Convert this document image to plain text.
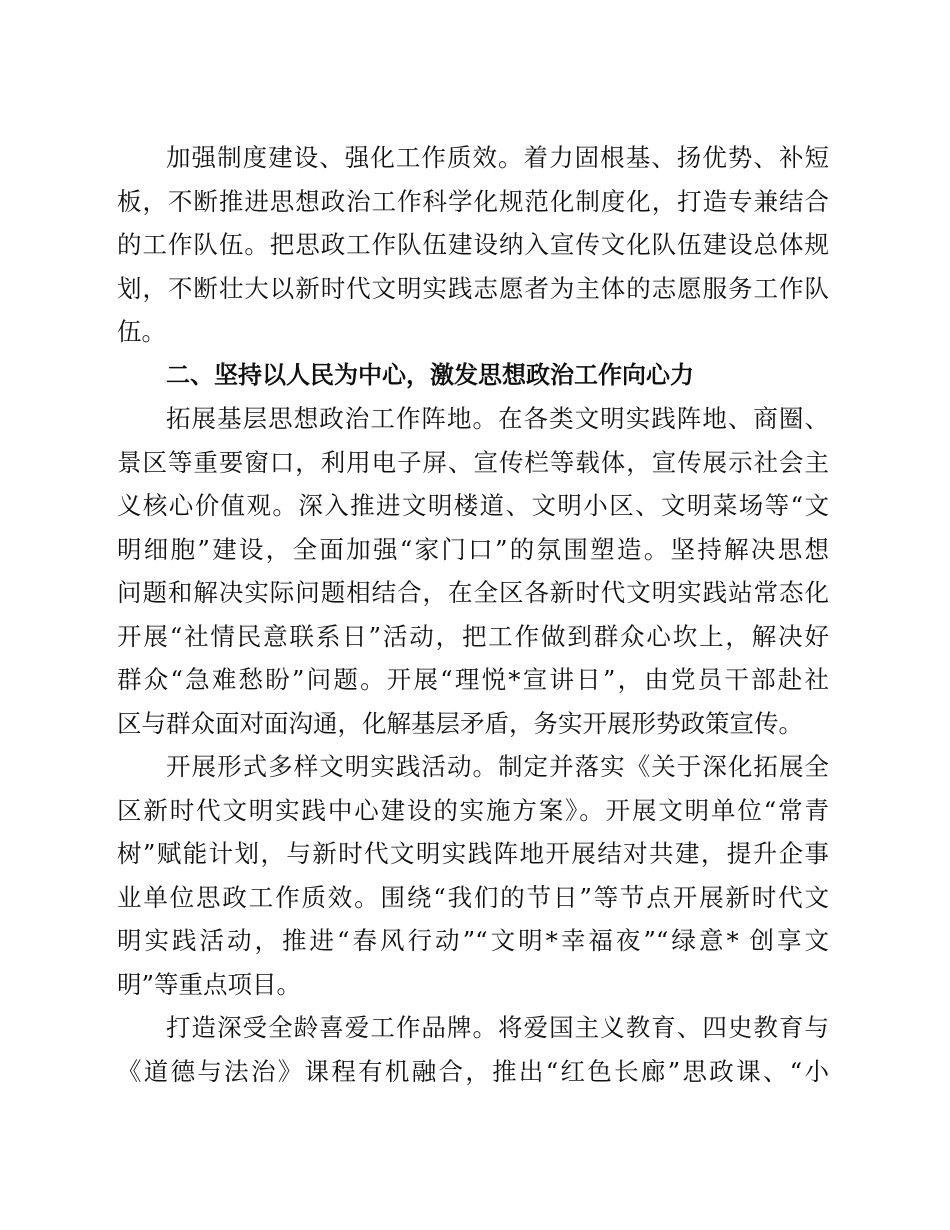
加强制度建设、强化工作质效。着力固根基、扬优势、补短
板，不断推进思想政治工作科学化规范化制度化，打造专兼结合
的工作队伍。把思政工作队伍建设纳入宣传文化队伍建设总体规
划，不断壮大以新时代文明实践志愿者为主体的志愿服务工作队
伍。
二、坚持以人民为中心，激发思想政治工作向心力
拓展基层思想政治工作阵地。在各类文明实践阵地、商圈、
景区等重要窗口，利用电子屏、宣传栏等载体，宣传展示社会主
义核心价值观。深入推进文明楼道、文明小区、文明菜场等“文
明细胞”建设，全面加强“家门口”的氛围塑造。坚持解决思想
问题和解决实际问题相结合，在全区各新时代文明实践站常态化
开展“社情民意联系日”活动，把工作做到群众心坎上，解决好
群众“急难愁盼”问题。开展“理悦*宣讲日”，由党员干部赴社
区与群众面对面沟通，化解基层矛盾，务实开展形势政策宣传。
开展形式多样文明实践活动。制定并落实《关于深化拓展全
区新时代文明实践中心建设的实施方案》。开展文明单位“常青
树”赋能计划，与新时代文明实践阵地开展结对共建，提升企事
业单位思政工作质效。围绕“我们的节日”等节点开展新时代文
明实践活动，推进“春风行动”“文明*幸福夜”“绿意* 创享文
明”等重点项目。
打造深受全龄喜爱工作品牌。将爱国主义教育、四史教育与
《道德与法治》课程有机融合，推出“红色长廊”思政课、“小
